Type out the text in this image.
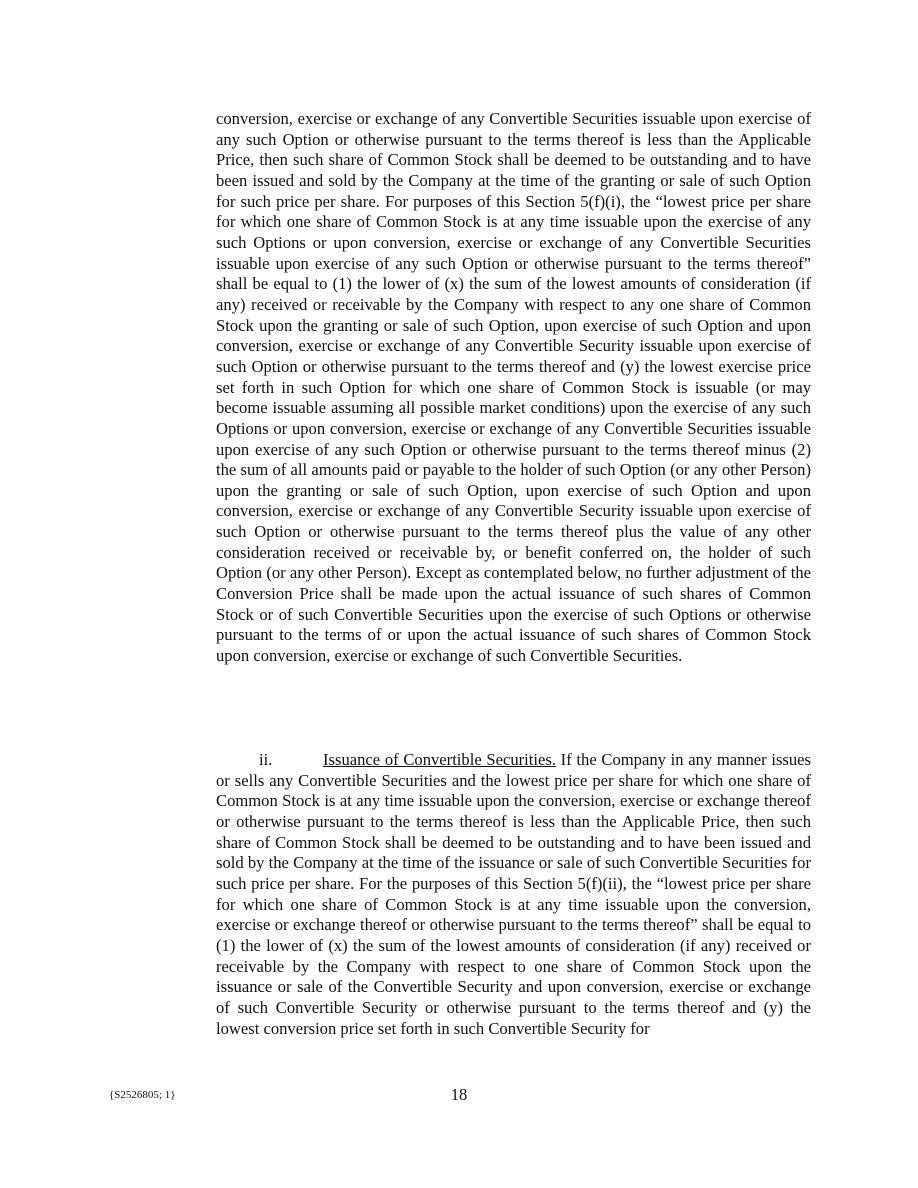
conversion, exercise or exchange of any Convertible Securities issuable upon exercise of any such Option or otherwise pursuant to the terms thereof is less than the Applicable Price, then such share of Common Stock shall be deemed to be outstanding and to have been issued and sold by the Company at the time of the granting or sale of such Option for such price per share. For purposes of this Section 5(f)(i), the “lowest price per share for which one share of Common Stock is at any time issuable upon the exercise of any such Options or upon conversion, exercise or exchange of any Convertible Securities issuable upon exercise of any such Option or otherwise pursuant to the terms thereof” shall be equal to (1) the lower of (x) the sum of the lowest amounts of consideration (if any) received or receivable by the Company with respect to any one share of Common Stock upon the granting or sale of such Option, upon exercise of such Option and upon conversion, exercise or exchange of any Convertible Security issuable upon exercise of such Option or otherwise pursuant to the terms thereof and (y) the lowest exercise price set forth in such Option for which one share of Common Stock is issuable (or may become issuable assuming all possible market conditions) upon the exercise of any such Options or upon conversion, exercise or exchange of any Convertible Securities issuable upon exercise of any such Option or otherwise pursuant to the terms thereof minus (2) the sum of all amounts paid or payable to the holder of such Option (or any other Person) upon the granting or sale of such Option, upon exercise of such Option and upon conversion, exercise or exchange of any Convertible Security issuable upon exercise of such Option or otherwise pursuant to the terms thereof plus the value of any other consideration received or receivable by, or benefit conferred on, the holder of such Option (or any other Person). Except as contemplated below, no further adjustment of the Conversion Price shall be made upon the actual issuance of such shares of Common Stock or of such Convertible Securities upon the exercise of such Options or otherwise pursuant to the terms of or upon the actual issuance of such shares of Common Stock upon conversion, exercise or exchange of such Convertible Securities.

ii.	Issuance of Convertible Securities. If the Company in any manner issues or sells any Convertible Securities and the lowest price per share for which one share of Common Stock is at any time issuable upon the conversion, exercise or exchange thereof or otherwise pursuant to the terms thereof is less than the Applicable Price, then such share of Common Stock shall be deemed to be outstanding and to have been issued and sold by the Company at the time of the issuance or sale of such Convertible Securities for such price per share. For the purposes of this Section 5(f)(ii), the “lowest price per share for which one share of Common Stock is at any time issuable upon the conversion, exercise or exchange thereof or otherwise pursuant to the terms thereof” shall be equal to (1) the lower of (x) the sum of the lowest amounts of consideration (if any) received or receivable by the Company with respect to one share of Common Stock upon the issuance or sale of the Convertible Security and upon conversion, exercise or exchange of such Convertible Security or otherwise pursuant to the terms thereof and (y) the lowest conversion price set forth in such Convertible Security for

{S2526805; 1}	18
